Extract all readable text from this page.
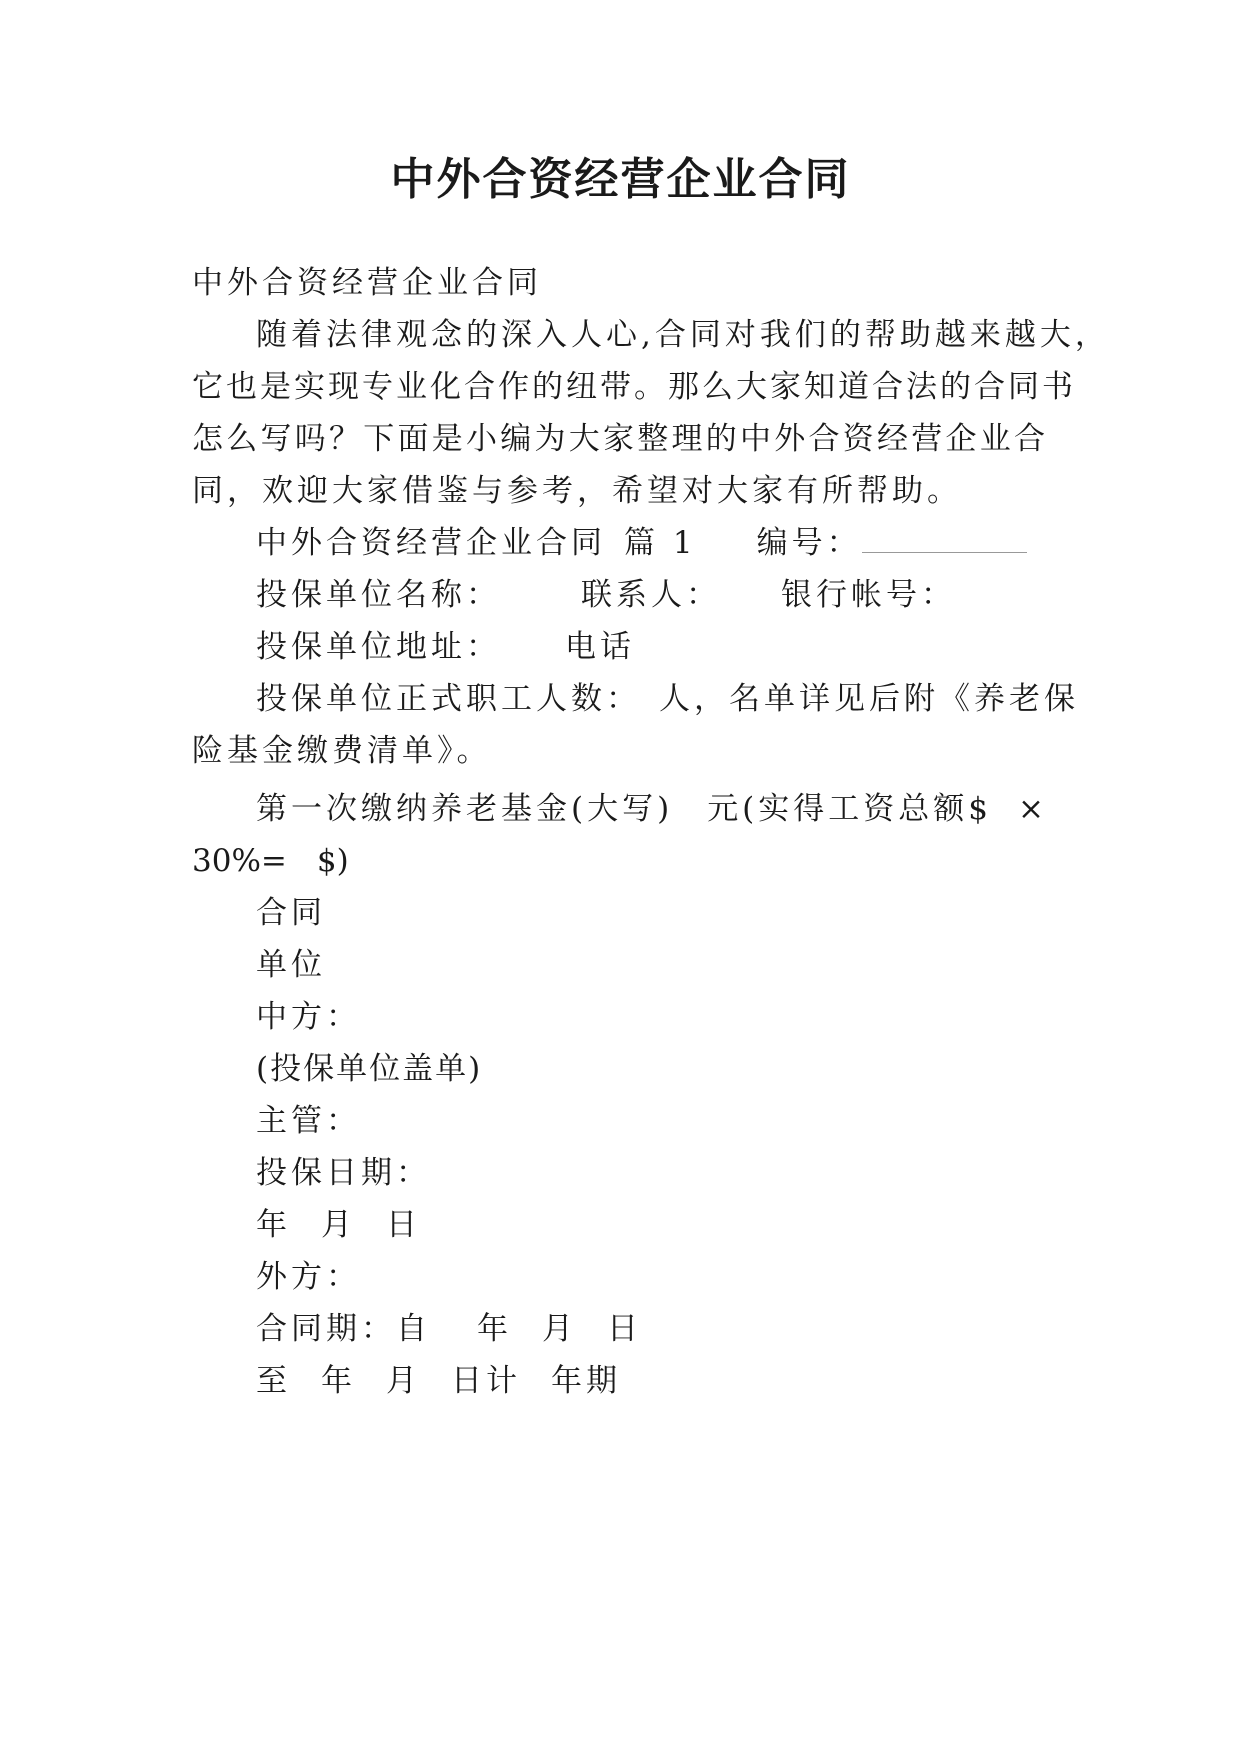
中外合资经营企业合同
中外合资经营企业合同
随着法律观念的深入人心,合同对我们的帮助越来越大，
它也是实现专业化合作的纽带。那么大家知道合法的合同书
怎么写吗？下面是小编为大家整理的中外合资经营企业合
同，欢迎大家借鉴与参考，希望对大家有所帮助。
中外合资经营企业合同 篇 1 编号：
投保单位名称：	联系人： 银行帐号：
投保单位地址： 电话
投保单位正式职工人数： 人，名单详见后附《养老保
险基金缴费清单》。
第一次缴纳养老基金(大写) 元(实得工资总额$ ×
30%= $)
合同
单位
中方：
(投保单位盖单)
主管：
投保日期：
年 月 日
外方：
合同期：自 年 月 日
至 年 月 日计 年期
